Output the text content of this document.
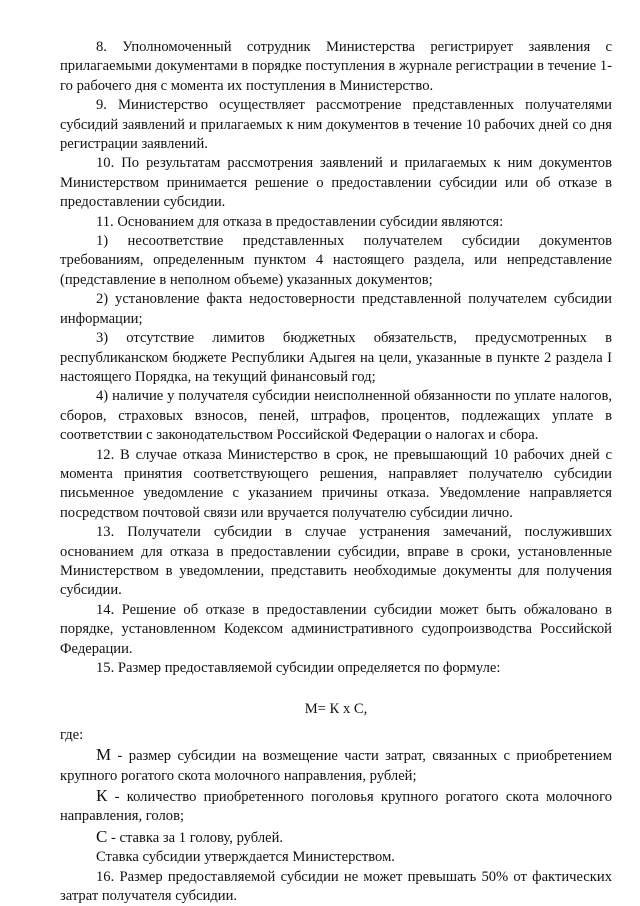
8. Уполномоченный сотрудник Министерства регистрирует заявления с прилагаемыми документами в порядке поступления в журнале регистрации в течение 1-го рабочего дня с момента их поступления в Министерство.

9. Министерство осуществляет рассмотрение представленных получателями субсидий заявлений и прилагаемых к ним документов в течение 10 рабочих дней со дня регистрации заявлений.

10. По результатам рассмотрения заявлений и прилагаемых к ним документов Министерством принимается решение о предоставлении субсидии или об отказе в предоставлении субсидии.

11. Основанием для отказа в предоставлении субсидии являются:

1) несоответствие представленных получателем субсидии документов требованиям, определенным пунктом 4 настоящего раздела, или непредставление (представление в неполном объеме) указанных документов;

2) установление факта недостоверности представленной получателем субсидии информации;

3) отсутствие лимитов бюджетных обязательств, предусмотренных в республиканском бюджете Республики Адыгея на цели, указанные в пункте 2 раздела I настоящего Порядка, на текущий финансовый год;

4) наличие у получателя субсидии неисполненной обязанности по уплате налогов, сборов, страховых взносов, пеней, штрафов, процентов, подлежащих уплате в соответствии с законодательством Российской Федерации о налогах и сбора.

12. В случае отказа Министерство в срок, не превышающий 10 рабочих дней с момента принятия соответствующего решения, направляет получателю субсидии письменное уведомление с указанием причины отказа. Уведомление направляется посредством почтовой связи или вручается получателю субсидии лично.

13. Получатели субсидии в случае устранения замечаний, послуживших основанием для отказа в предоставлении субсидии, вправе в сроки, установленные Министерством в уведомлении, представить необходимые документы для получения субсидии.

14. Решение об отказе в предоставлении субсидии может быть обжаловано в порядке, установленном Кодексом административного судопроизводства Российской Федерации.

15. Размер предоставляемой субсидии определяется по формуле:

M= К х С,

где:

М - размер субсидии на возмещение части затрат, связанных с приобретением крупного рогатого скота молочного направления, рублей;

К - количество приобретенного поголовья крупного рогатого скота молочного направления, голов;

С - ставка за 1 голову, рублей.

Ставка субсидии утверждается Министерством.

16. Размер предоставляемой субсидии не может превышать 50% от фактических затрат получателя субсидии.
